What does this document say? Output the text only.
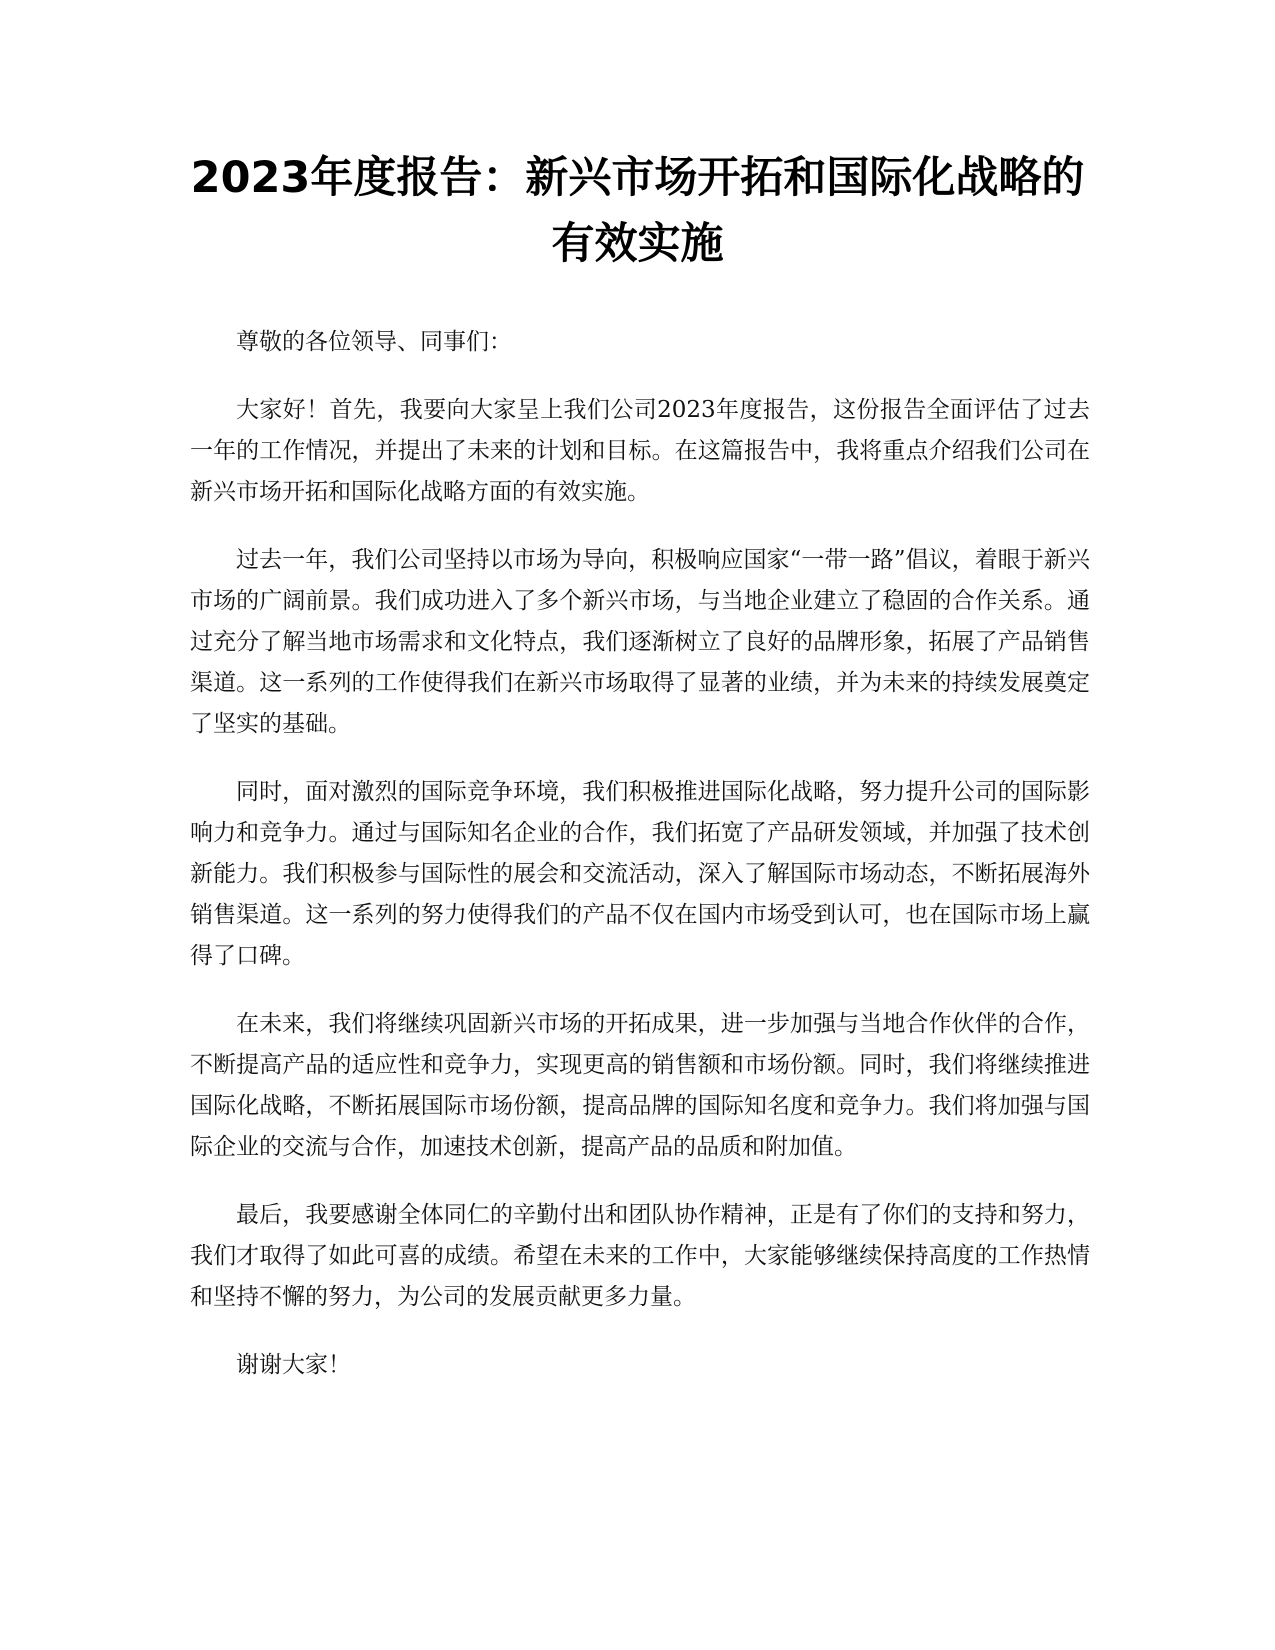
2023年度报告：新兴市场开拓和国际化战略的有效实施

尊敬的各位领导、同事们：

大家好！首先，我要向大家呈上我们公司2023年度报告，这份报告全面评估了过去一年的工作情况，并提出了未来的计划和目标。在这篇报告中，我将重点介绍我们公司在新兴市场开拓和国际化战略方面的有效实施。

过去一年，我们公司坚持以市场为导向，积极响应国家“一带一路”倡议，着眼于新兴市场的广阔前景。我们成功进入了多个新兴市场，与当地企业建立了稳固的合作关系。通过充分了解当地市场需求和文化特点，我们逐渐树立了良好的品牌形象，拓展了产品销售渠道。这一系列的工作使得我们在新兴市场取得了显著的业绩，并为未来的持续发展奠定了坚实的基础。

同时，面对激烈的国际竞争环境，我们积极推进国际化战略，努力提升公司的国际影响力和竞争力。通过与国际知名企业的合作，我们拓宽了产品研发领域，并加强了技术创新能力。我们积极参与国际性的展会和交流活动，深入了解国际市场动态，不断拓展海外销售渠道。这一系列的努力使得我们的产品不仅在国内市场受到认可，也在国际市场上赢得了口碑。

在未来，我们将继续巩固新兴市场的开拓成果，进一步加强与当地合作伙伴的合作，不断提高产品的适应性和竞争力，实现更高的销售额和市场份额。同时，我们将继续推进国际化战略，不断拓展国际市场份额，提高品牌的国际知名度和竞争力。我们将加强与国际企业的交流与合作，加速技术创新，提高产品的品质和附加值。

最后，我要感谢全体同仁的辛勤付出和团队协作精神，正是有了你们的支持和努力，我们才取得了如此可喜的成绩。希望在未来的工作中，大家能够继续保持高度的工作热情和坚持不懈的努力，为公司的发展贡献更多力量。

谢谢大家！
